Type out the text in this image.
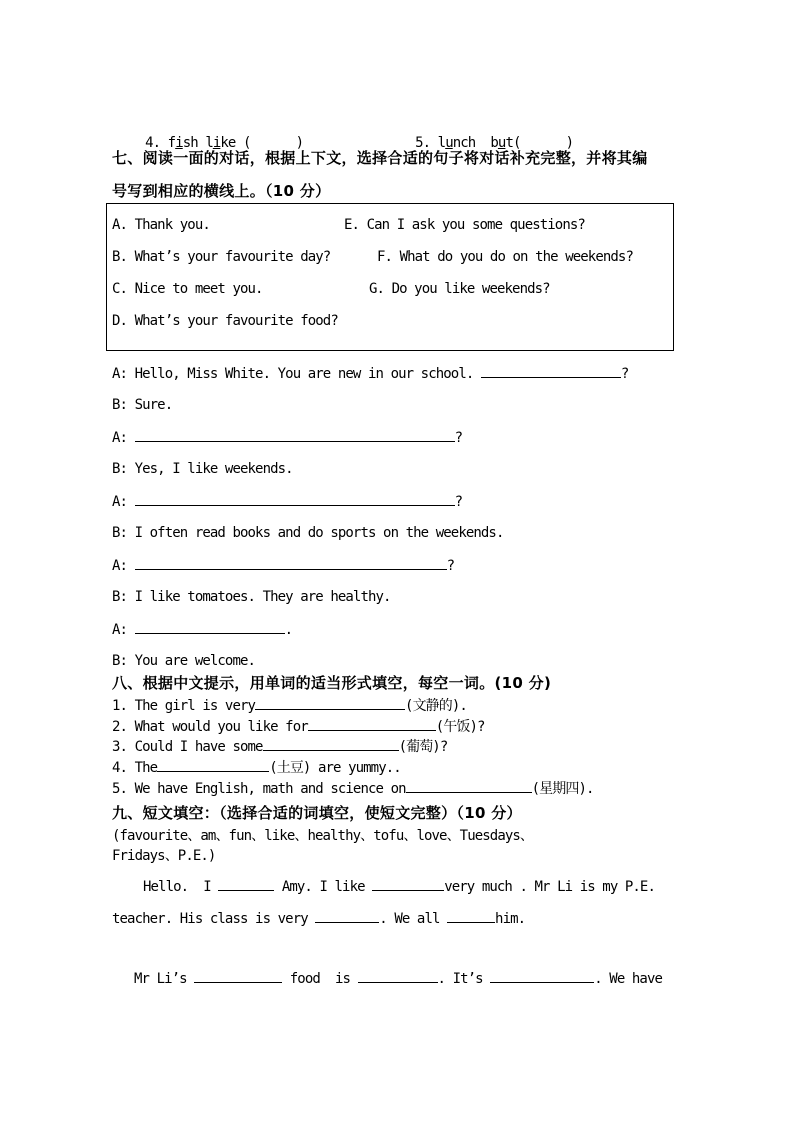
4. fish like (      )	5. lunch but(      )

七、阅读一面的对话，根据上下文，选择合适的句子将对话补充完整，并将其编
号写到相应的横线上。（10 分）
A. Thank you.	E. Can I ask you some questions?
B. What’s your favourite day?	F. What do you do on the weekends?
C. Nice to meet you.	G. Do you like weekends?
D. What’s your favourite food?
A: Hello, Miss White. You are new in our school.	?
B: Sure.
A:	?
B: Yes, I like weekends.
A:	?
B: I often read books and do sports on the weekends.
A:	?
B: I like tomatoes. They are healthy.
A:	.
B: You are welcome.
八、根据中文提示，用单词的适当形式填空，每空一词。(10 分)
1. The girl is very	(文静的).
2. What would you like for	(午饭)?
3. Could I have some	(葡萄)?
4. The	(土豆) are yummy..
5. We have English, math and science on	(星期四).
九、短文填空：（选择合适的词填空，使短文完整）（10 分）
(favourite、am、fun、like、healthy、tofu、love、Tuesdays、
Fridays、P.E.)
Hello.  I	Amy. I like	very much . Mr Li is my P.E.
teacher. His class is very	. We all	him.
Mr Li’s	food  is	. It’s	. We have
